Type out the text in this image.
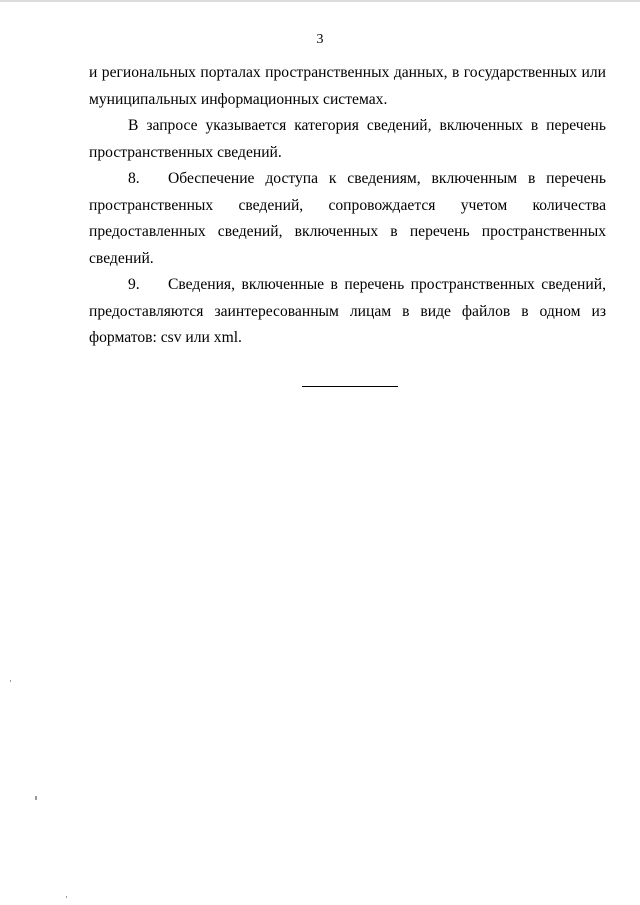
3

и региональных порталах пространственных данных, в государственных или муниципальных информационных системах.

В запросе указывается категория сведений, включенных в перечень пространственных сведений.

8. Обеспечение доступа к сведениям, включенным в перечень пространственных сведений, сопровождается учетом количества предоставленных сведений, включенных в перечень пространственных сведений.

9. Сведения, включенные в перечень пространственных сведений, предоставляются заинтересованным лицам в виде файлов в одном из форматов: csv или xml.
